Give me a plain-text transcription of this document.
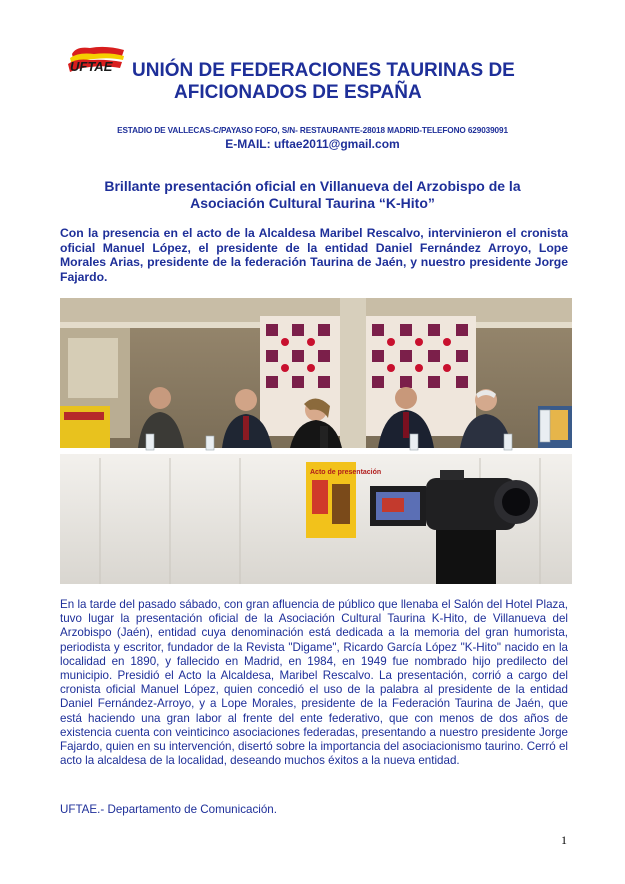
UFTAE UNIÓN DE FEDERACIONES TAURINAS DE
AFICIONADOS DE ESPAÑA
ESTADIO DE VALLECAS-C/PAYASO FOFO, S/N- RESTAURANTE-28018 MADRID-TELEFONO 629039091
E-MAIL: uftae2011@gmail.com
Brillante presentación oficial en Villanueva del Arzobispo de la
Asociación Cultural Taurina “K-Hito”
Con la presencia en el acto de la Alcaldesa Maribel Rescalvo, intervinieron el cronista oficial Manuel López, el presidente de la entidad Daniel Fernández Arroyo, Lope Morales Arias, presidente de la federación Taurina de Jaén, y nuestro presidente Jorge Fajardo.
Acto de presentación
En la tarde del pasado sábado, con gran afluencia de público que llenaba el Salón del Hotel Plaza, tuvo lugar la presentación oficial de la Asociación Cultural Taurina K-Hito, de Villanueva del Arzobispo (Jaén), entidad cuya denominación está dedicada a la memoria del gran humorista, periodista y escritor, fundador de la Revista "Digame", Ricardo García López "K-Hito" nacido en la localidad en 1890, y fallecido en Madrid, en 1984, en 1949 fue nombrado hijo predilecto del municipio. Presidió el Acto la Alcaldesa, Maribel Rescalvo. La presentación, corrió a cargo del cronista oficial Manuel López, quien concedió el uso de la palabra al presidente de la entidad Daniel Fernández-Arroyo, y a Lope Morales, presidente de la Federación Taurina de Jaén, que está haciendo una gran labor al frente del ente federativo, que con menos de dos años de existencia cuenta con veinticinco asociaciones federadas, presentando a nuestro presidente Jorge Fajardo, quien en su intervención, disertó sobre la importancia del asociacionismo taurino. Cerró el acto la alcaldesa de la localidad, deseando muchos éxitos a la nueva entidad.
UFTAE.- Departamento de Comunicación.
1
